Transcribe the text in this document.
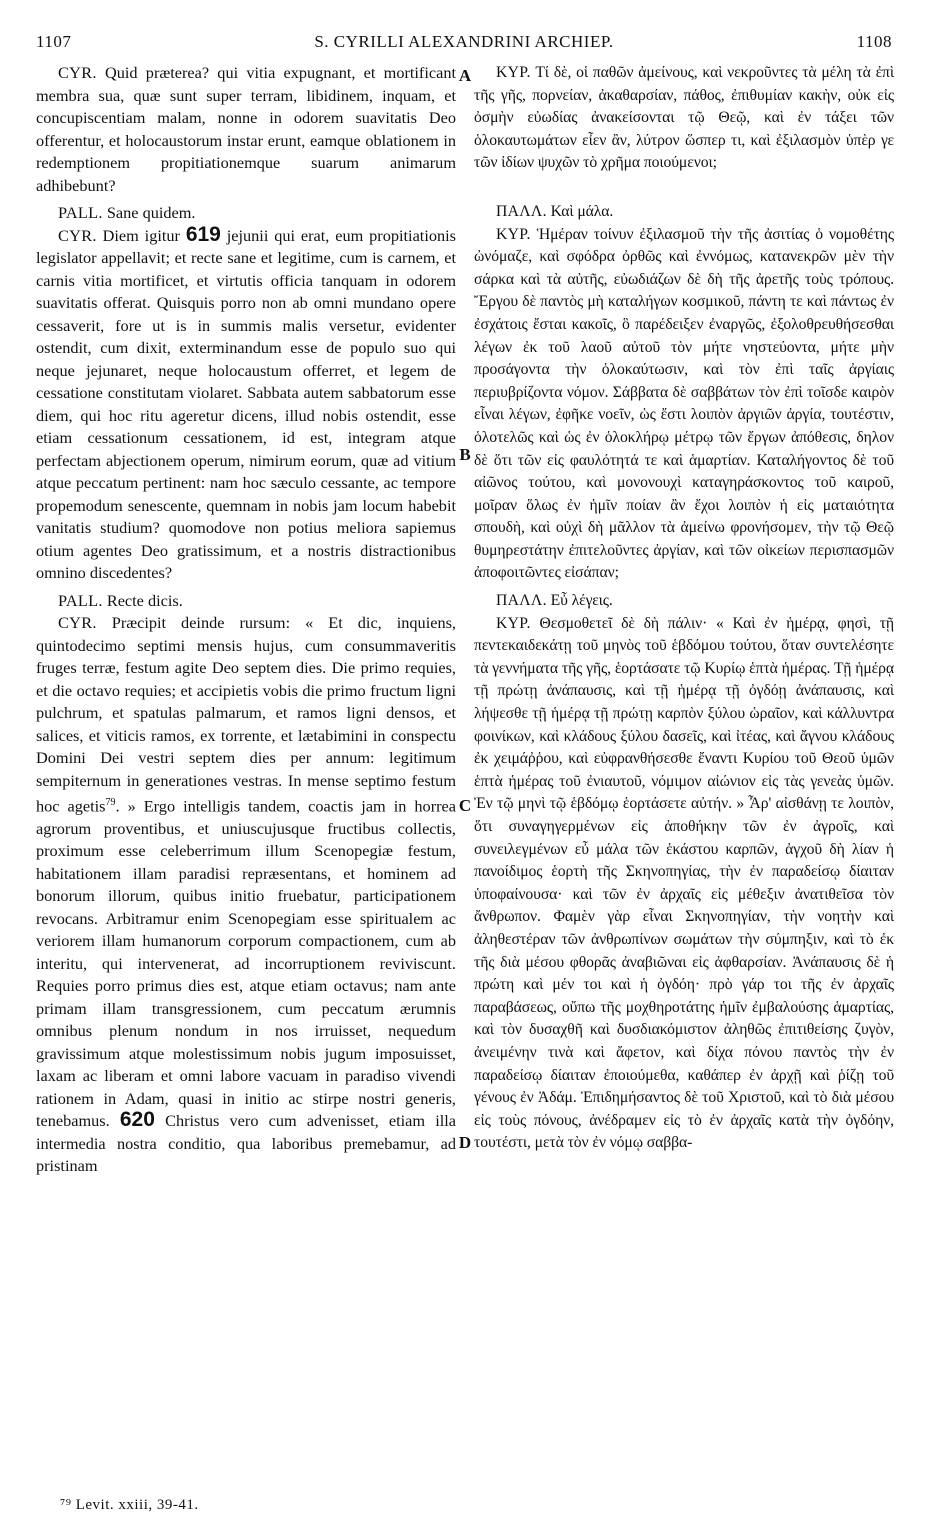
1107	S. CYRILLI ALEXANDRINI ARCHIEP.	1108

CYR. Quid præterea? qui vitia expugnant, et mortificant membra sua, quæ sunt super terram, libidinem, inquam, et concupiscentiam malam, nonne in odorem suavitatis Deo offerentur, et holocaustorum instar erunt, eamque oblationem in redemptionem propitiationemque suarum animarum adhibebunt?

PALL. Sane quidem.

CYR. Diem igitur 619 jejunii qui erat, eum propitiationis legislator appellavit; et recte sane et legitime, cum is carnem, et carnis vitia mortificet, et virtutis officia tanquam in odorem suavitatis offerat. Quisquis porro non ab omni mundano opere cessaverit, fore ut is in summis malis versetur, evidenter ostendit, cum dixit, exterminandum esse de populo suo qui neque jejunaret, neque holocaustum offerret, et legem de cessatione constitutam violaret. Sabbata autem sabbatorum esse diem, qui hoc ritu ageretur dicens, illud nobis ostendit, esse etiam cessationum cessationem, id est, integram atque perfectam abjectionem operum, nimirum eorum, quæ ad vitium atque peccatum pertinent: nam hoc sæculo cessante, ac tempore propemodum senescente, quemnam in nobis jam locum habebit vanitatis studium? quomodove non potius meliora sapiemus otium agentes Deo gratissimum, et a nostris distractionibus omnino discedentes?

PALL. Recte dicis.

CYR. Præcipit deinde rursum: « Et dic, inquiens, quintodecimo septimi mensis hujus, cum consummaveritis fruges terræ, festum agite Deo septem dies. Die primo requies, et die octavo requies; et accipietis vobis die primo fructum ligni pulchrum, et spatulas palmarum, et ramos ligni densos, et salices, et viticis ramos, ex torrente, et lætabimini in conspectu Domini Dei vestri septem dies per annum: legitimum sempiternum in generationes vestras. In mense septimo festum hoc agetis$^{79}$. » Ergo intelligis tandem, coactis jam in horrea agrorum proventibus, et uniuscujusque fructibus collectis, proximum esse celeberrimum illum Scenopegiæ festum, habitationem illam paradisi repræsentans, et hominem ad bonorum illorum, quibus initio fruebatur, participationem revocans. Arbitramur enim Scenopegiam esse spiritualem ac veriorem illam humanorum corporum compactionem, cum ab interitu, qui intervenerat, ad incorruptionem reviviscunt. Requies porro primus dies est, atque etiam octavus; nam ante primam illam transgressionem, cum peccatum ærumnis omnibus plenum nondum in nos irruisset, nequedum gravissimum atque molestissimum nobis jugum imposuisset, laxam ac liberam et omni labore vacuam in paradiso vivendi rationem in Adam, quasi in initio ac stirpe nostri generis, tenebamus. 620 Christus vero cum advenisset, etiam illa intermedia nostra conditio, qua laboribus premebamur, ad pristinam

A
B
C
D

ΚΥΡ. Τί δὲ, οἱ παθῶν ἀμείνους, καὶ νεκροῦντες τὰ μέλη τὰ ἐπὶ τῆς γῆς, πορνείαν, ἀκαθαρσίαν, πάθος, ἐπιθυμίαν κακὴν, οὐκ εἰς ὀσμὴν εὐωδίας ἀνακείσονται τῷ Θεῷ, καὶ ἐν τάξει τῶν ὁλοκαυτωμάτων εἶεν ἂν, λύτρον ὥσπερ τι, καὶ ἐξιλασμὸν ὑπὲρ γε τῶν ἰδίων ψυχῶν τὸ χρῆμα ποιούμενοι;

ΠΑΛΛ. Καὶ μάλα.

ΚΥΡ. Ἡμέραν τοίνυν ἐξιλασμοῦ τὴν τῆς ἀσιτίας ὁ νομοθέτης ὠνόμαζε, καὶ σφόδρα ὀρθῶς καὶ ἐννόμως, κατανεκρῶν μὲν τὴν σάρκα καὶ τὰ αὐτῆς, εὐωδιάζων δὲ δὴ τῆς ἀρετῆς τοὺς τρόπους. Ἔργου δὲ παντὸς μὴ καταλήγων κοσμικοῦ, πάντη τε καὶ πάντως ἐν ἐσχάτοις ἔσται κακοῖς, ὃ παρέδειξεν ἐναργῶς, ἐξολοθρευθήσεσθαι λέγων ἐκ τοῦ λαοῦ αὐτοῦ τὸν μήτε νηστεύοντα, μήτε μὴν προσάγοντα τὴν ὁλοκαύτωσιν, καὶ τὸν ἐπὶ ταῖς ἀργίαις περιυβρίζοντα νόμον. Σάββατα δὲ σαββάτων τὸν ἐπὶ τοῖσδε καιρὸν εἶναι λέγων, ἐφῆκε νοεῖν, ὡς ἔστι λοιπὸν ἀργιῶν ἀργία, τουτέστιν, ὁλοτελῶς καὶ ὡς ἐν ὁλοκλήρῳ μέτρῳ τῶν ἔργων ἀπόθεσις, δηλον δὲ ὅτι τῶν εἰς φαυλότητά τε καὶ ἁμαρτίαν. Καταλήγοντος δὲ τοῦ αἰῶνος τούτου, καὶ μονονουχὶ καταγηράσκοντος τοῦ καιροῦ, μοῖραν ὅλως ἐν ἡμῖν ποίαν ἂν ἔχοι λοιπὸν ἡ εἰς ματαιότητα σπουδὴ, καὶ οὐχὶ δὴ μᾶλλον τὰ ἀμείνω φρονήσομεν, τὴν τῷ Θεῷ θυμηρεστάτην ἐπιτελοῦντες ἀργίαν, καὶ τῶν οἰκείων περισπασμῶν ἀποφοιτῶντες εἰσάπαν;

ΠΑΛΛ. Εὖ λέγεις.

ΚΥΡ. Θεσμοθετεῖ δὲ δὴ πάλιν· « Καὶ ἐν ἡμέρᾳ, φησὶ, τῇ πεντεκαιδεκάτῃ τοῦ μηνὸς τοῦ ἑβδόμου τούτου, ὅταν συντελέσητε τὰ γεννήματα τῆς γῆς, ἑορτάσατε τῷ Κυρίῳ ἑπτὰ ἡμέρας. Τῇ ἡμέρᾳ τῇ πρώτῃ ἀνάπαυσις, καὶ τῇ ἡμέρᾳ τῇ ὀγδόῃ ἀνάπαυσις, καὶ λήψεσθε τῇ ἡμέρᾳ τῇ πρώτῃ καρπὸν ξύλου ὡραῖον, καὶ κάλλυντρα φοινίκων, καὶ κλάδους ξύλου δασεῖς, καὶ ἰτέας, καὶ ἄγνου κλάδους ἐκ χειμάῤῥου, καὶ εὐφρανθήσεσθε ἔναντι Κυρίου τοῦ Θεοῦ ὑμῶν ἑπτὰ ἡμέρας τοῦ ἐνιαυτοῦ, νόμιμον αἰώνιον εἰς τὰς γενεὰς ὑμῶν. Ἐν τῷ μηνὶ τῷ ἑβδόμῳ ἑορτάσετε αὐτήν. » Ἆρ' αἰσθάνῃ τε λοιπὸν, ὅτι συναγηγερμένων εἰς ἀποθήκην τῶν ἐν ἀγροῖς, καὶ συνειλεγμένων εὖ μάλα τῶν ἑκάστου καρπῶν, ἀγχοῦ δὴ λίαν ἡ πανοίδιμος ἑορτὴ τῆς Σκηνοπηγίας, τὴν ἐν παραδείσῳ δίαιταν ὑποφαίνουσα· καὶ τῶν ἐν ἀρχαῖς εἰς μέθεξιν ἀνατιθεῖσα τὸν ἄνθρωπον. Φαμὲν γὰρ εἶναι Σκηνοπηγίαν, τὴν νοητὴν καὶ ἀληθεστέραν τῶν ἀνθρωπίνων σωμάτων τὴν σύμπηξιν, καὶ τὸ ἐκ τῆς διὰ μέσου φθορᾶς ἀναβιῶναι εἰς ἀφθαρσίαν. Ἀνάπαυσις δὲ ἡ πρώτη καὶ μέν τοι καὶ ἡ ὀγδόη· πρὸ γάρ τοι τῆς ἐν ἀρχαῖς παραβάσεως, οὔπω τῆς μοχθηροτάτης ἡμῖν ἐμβαλούσης ἁμαρτίας, καὶ τὸν δυσαχθῆ καὶ δυσδιακόμιστον ἀληθῶς ἐπιτιθείσης ζυγὸν, ἀνειμένην τινὰ καὶ ἄφετον, καὶ δίχα πόνου παντὸς τὴν ἐν παραδείσῳ δίαιταν ἐποιούμεθα, καθάπερ ἐν ἀρχῇ καὶ ῥίζῃ τοῦ γένους ἐν Ἀδάμ. Ἐπιδημήσαντος δὲ τοῦ Χριστοῦ, καὶ τὸ διὰ μέσου εἰς τοὺς πόνους, ἀνέδραμεν εἰς τὸ ἐν ἀρχαῖς κατὰ τὴν ὀγδόην, τουτέστι, μετὰ τὸν ἐν νόμῳ σαββα-

⁷⁹ Levit. xxiii, 39-41.
